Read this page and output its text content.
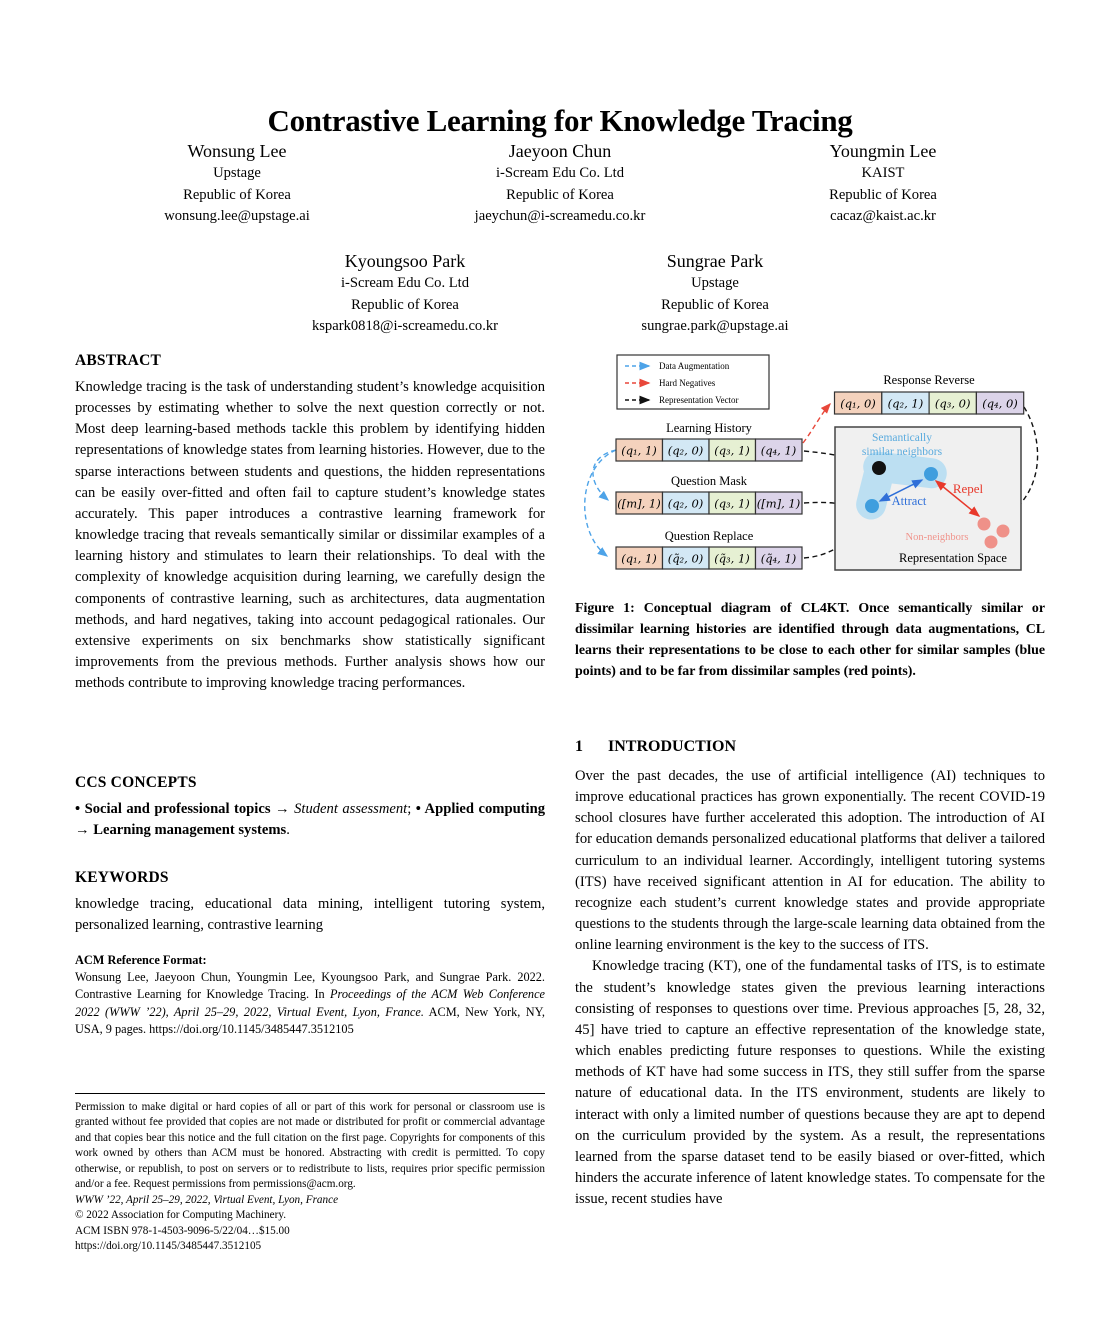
Contrastive Learning for Knowledge Tracing
Wonsung Lee
Upstage
Republic of Korea
wonsung.lee@upstage.ai
Jaeyoon Chun
i-Scream Edu Co. Ltd
Republic of Korea
jaeychun@i-screamedu.co.kr
Youngmin Lee
KAIST
Republic of Korea
cacaz@kaist.ac.kr
Kyoungsoo Park
i-Scream Edu Co. Ltd
Republic of Korea
kspark0818@i-screamedu.co.kr
Sungrae Park
Upstage
Republic of Korea
sungrae.park@upstage.ai
ABSTRACT

Knowledge tracing is the task of understanding student’s knowledge acquisition processes by estimating whether to solve the next question correctly or not. Most deep learning-based methods tackle this problem by identifying hidden representations of knowledge states from learning histories. However, due to the sparse interactions between students and questions, the hidden representations can be easily over-fitted and often fail to capture student’s knowledge states accurately. This paper introduces a contrastive learning framework for knowledge tracing that reveals semantically similar or dissimilar examples of a learning history and stimulates to learn their relationships. To deal with the complexity of knowledge acquisition during learning, we carefully design the components of contrastive learning, such as architectures, data augmentation methods, and hard negatives, taking into account pedagogical rationales. Our extensive experiments on six benchmarks show statistically significant improvements from the previous methods. Further analysis shows how our methods contribute to improving knowledge tracing performances.

CCS CONCEPTS

• Social and professional topics → Student assessment; • Applied computing → Learning management systems.

KEYWORDS

knowledge tracing, educational data mining, intelligent tutoring system, personalized learning, contrastive learning

ACM Reference Format:
Wonsung Lee, Jaeyoon Chun, Youngmin Lee, Kyoungsoo Park, and Sungrae Park. 2022. Contrastive Learning for Knowledge Tracing. In Proceedings of the ACM Web Conference 2022 (WWW ’22), April 25–29, 2022, Virtual Event, Lyon, France. ACM, New York, NY, USA, 9 pages. https://doi.org/10.1145/3485447.3512105

Permission to make digital or hard copies of all or part of this work for personal or classroom use is granted without fee provided that copies are not made or distributed for profit or commercial advantage and that copies bear this notice and the full citation on the first page. Copyrights for components of this work owned by others than ACM must be honored. Abstracting with credit is permitted. To copy otherwise, or republish, to post on servers or to redistribute to lists, requires prior specific permission and/or a fee. Request permissions from permissions@acm.org.

WWW ’22, April 25–29, 2022, Virtual Event, Lyon, France

© 2022 Association for Computing Machinery.

ACM ISBN 978-1-4503-9096-5/22/04…$15.00

https://doi.org/10.1145/3485447.3512105

Data Augmentation
Hard Negatives
Representation Vector
Learning History
(q₁, 1) (q₂, 0) (q₃, 1) (q₄, 1)
Question Mask
([m], 1) (q₂, 0) (q₃, 1) ([m], 1)
Question Replace
(q₁, 1) (q̃₂, 0) (q̃₃, 1) (q̃₄, 1)
Response Reverse
(q₁, 0) (q₂, 1) (q₃, 0) (q₄, 0)
Semantically
similar neighbors
Attract
Repel
Non-neighbors
Representation Space

Figure 1: Conceptual diagram of CL4KT. Once semantically similar or dissimilar learning histories are identified through data augmentations, CL learns their representations to be close to each other for similar samples (blue points) and to be far from dissimilar samples (red points).

1 INTRODUCTION

Over the past decades, the use of artificial intelligence (AI) techniques to improve educational practices has grown exponentially. The recent COVID-19 school closures have further accelerated this adoption. The introduction of AI for education demands personalized educational platforms that deliver a tailored curriculum to an individual learner. Accordingly, intelligent tutoring systems (ITS) have received significant attention in AI for education. The ability to recognize each student’s current knowledge states and provide appropriate questions to the students through the large-scale learning data obtained from the online learning environment is the key to the success of ITS.

Knowledge tracing (KT), one of the fundamental tasks of ITS, is to estimate the student’s knowledge states given the previous learning interactions consisting of responses to questions over time. Previous approaches [5, 28, 32, 45] have tried to capture an effective representation of the knowledge state, which enables predicting future responses to questions. While the existing methods of KT have had some success in ITS, they still suffer from the sparse nature of educational data. In the ITS environment, students are likely to interact with only a limited number of questions because they are apt to depend on the curriculum provided by the system. As a result, the representations learned from the sparse dataset tend to be easily biased or over-fitted, which hinders the accurate inference of latent knowledge states. To compensate for the issue, recent studies have
